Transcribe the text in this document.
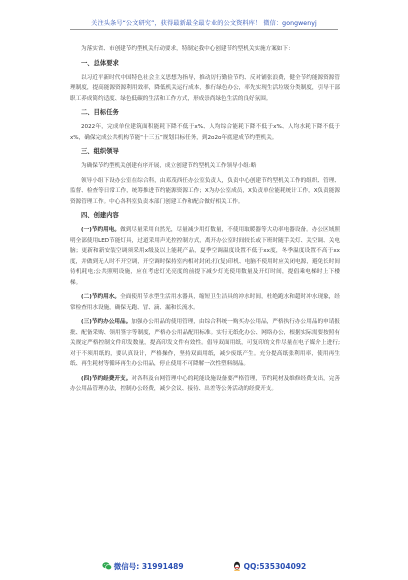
关注头条号“公文研究”，获得最新最全最专业的公文资料库！ 微信：gongwenyj

为落实省、市创建节约型机关行动要求，特制定我中心创建节约型机关实施方案如下：

一、总体要求

以习近平新时代中国特色社会主义思想为指导，推动厉行勤俭节约、反对铺张浪费，健全节约能源资源管理制度，提高能源资源利用效率，降低机关运行成本，推行绿色办公，率先实现生活垃圾分类制度，引导干部职工养成简约适度、绿色低碳的生活和工作方式，形成崇尚绿色生活的良好氛围。

二、目标任务

2022年，完成单位建筑面积能耗下降不低于x%、人均综合能耗下降不低于x%、人均水耗下降不低于x%，确保完成公共机构节能“十三五”规划目标任务，到2o2o年底建成节约型机关。

三、组织领导

为确保节约型机关创建有序开展，成立创建节约型机关工作领导小组:略

领导小组下设办公室在综合科，由邓茂西任办公室负责人，负责中心创建节约型机关工作的组织、管理、监督、检查等日常工作，统筹推进节约能源资源工作；X为办公室成员，X负责单位能耗统计工作，X负责能源资源管理工作。中心各科室负责本部门创建工作和配合做好相关工作。

四、创建内容

(一)节约用电。做到尽量采用自然光，尽量减少用灯数量，不使用取暖器等大功率电器设备。办公区域照明全部使用LED节能灯具，过道采用声光控控制方式，离开办公室时间较长或下班时随手关灯、关空调、关电脑；更新和新安装空调须采用x级及以上能耗产品，夏季空调温度设置不低于xx度，冬季温度设置不高于xx度，并做到无人时不开空调，开空调时保持室内相对封闭;打(复)印机、电脑不使用时应关闭电源，避免长时间待机耗电;公共照明设施，应在考虑灯光亮度的前提下减少灯光使用数量及开灯时间，提倡乘电梯时上下楼梯。

(二)节约用水。全面使用节水型生活用水器具，缩短卫生洁具的冲水时间，杜绝跑水和超时冲水现象，经常检查用水设施，确保无跑、冒、滴、漏和长流水。

(三)节约办公用品。加强办公用品的使用管理，由综合科统一购买办公用品，严格执行办公用品的申请报批、配备采购、领用签字等制度，严格办公用品配用标准。实行无纸化办公、网络办公，根据实际需要按照有关规定严格控制文件印发数量，提高印发文件有效性。倡导双面用纸，可复印的文件尽量在电子媒介上进行;对于不须用纸的，要认真设计，严格操作，坚持双面用纸，减少废纸产生。充分提高纸张利用率，使用再生纸、再生耗材等循环再生办公用品，停止使用不可降解一次性塑料制品。

(四)节约经费开支。对各科及台网管理中心的耗能设施设备要严格管理，节约耗材及维修经费支出，完善办公用品管理办法，控制办公经费，减少会议、接待、出差等公务活动的经费开支。

微信号: 31991489	QQ:535304092
